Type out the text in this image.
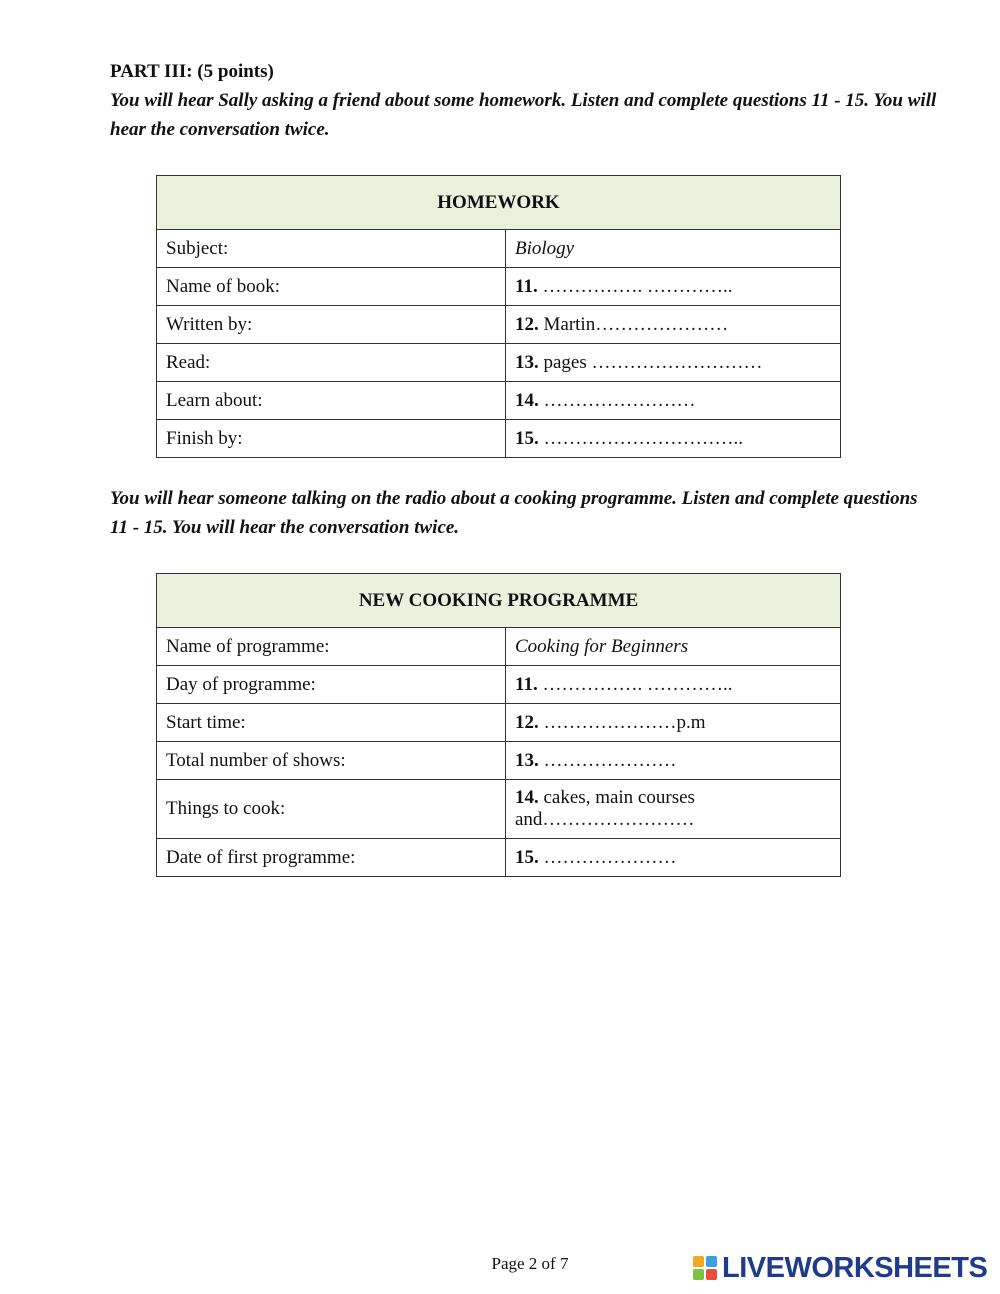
PART III: (5 points)

You will hear Sally asking a friend about some homework. Listen and complete questions 11 - 15. You will hear the conversation twice.

HOMEWORK	
Subject:	Biology
Name of book:	11. ……………. …………..
Written by:	12. Martin…………………
Read:	13. pages ………………………
Learn about:	14. ……………………
Finish by:	15. …………………………..

You will hear someone talking on the radio about a cooking programme. Listen and complete questions 11 - 15. You will hear the conversation twice.

NEW COOKING PROGRAMME	
Name of programme:	Cooking for Beginners
Day of programme:	11. ……………. …………..
Start time:	12. …………………p.m
Total number of shows:	13. …………………
Things to cook:	14. cakes, main courses
and……………………

Date of first programme:	15. …………………
Page 2 of 7	LIVEWORKSHEETS
